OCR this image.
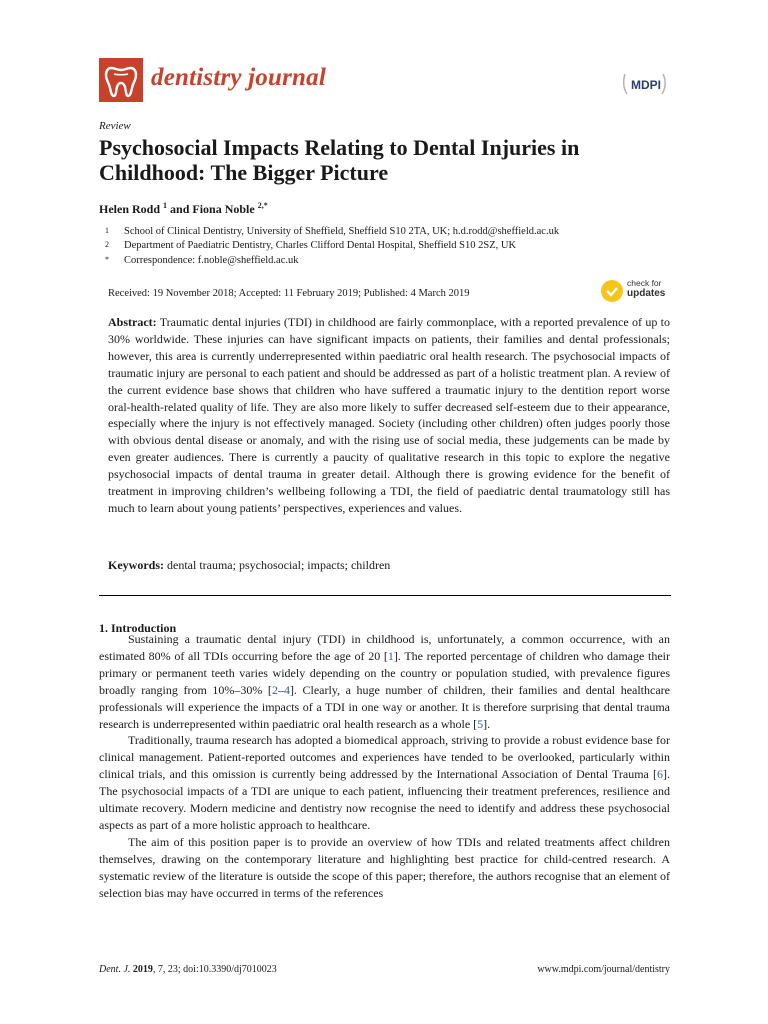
dentistry journal	MDPI
Review
Psychosocial Impacts Relating to Dental Injuries in Childhood: The Bigger Picture
Helen Rodd $^1$ and Fiona Noble $^{2,*}$
1 School of Clinical Dentistry, University of Sheffield, Sheffield S10 2TA, UK; h.d.rodd@sheffield.ac.uk
2 Department of Paediatric Dentistry, Charles Clifford Dental Hospital, Sheffield S10 2SZ, UK
* Correspondence: f.noble@sheffield.ac.uk
Received: 19 November 2018; Accepted: 11 February 2019; Published: 4 March 2019
check for
updates

Abstract: Traumatic dental injuries (TDI) in childhood are fairly commonplace, with a reported prevalence of up to 30% worldwide. These injuries can have significant impacts on patients, their families and dental professionals; however, this area is currently underrepresented within paediatric oral health research. The psychosocial impacts of traumatic injury are personal to each patient and should be addressed as part of a holistic treatment plan. A review of the current evidence base shows that children who have suffered a traumatic injury to the dentition report worse oral-health-related quality of life. They are also more likely to suffer decreased self-esteem due to their appearance, especially where the injury is not effectively managed. Society (including other children) often judges poorly those with obvious dental disease or anomaly, and with the rising use of social media, these judgements can be made by even greater audiences. There is currently a paucity of qualitative research in this topic to explore the negative psychosocial impacts of dental trauma in greater detail. Although there is growing evidence for the benefit of treatment in improving children’s wellbeing following a TDI, the field of paediatric dental traumatology still has much to learn about young patients’ perspectives, experiences and values.

Keywords: dental trauma; psychosocial; impacts; children
1. Introduction

Sustaining a traumatic dental injury (TDI) in childhood is, unfortunately, a common occurrence, with an estimated 80% of all TDIs occurring before the age of 20 [1]. The reported percentage of children who damage their primary or permanent teeth varies widely depending on the country or population studied, with prevalence figures broadly ranging from 10%–30% [2–4]. Clearly, a huge number of children, their families and dental healthcare professionals will experience the impacts of a TDI in one way or another. It is therefore surprising that dental trauma research is underrepresented within paediatric oral health research as a whole [5].

Traditionally, trauma research has adopted a biomedical approach, striving to provide a robust evidence base for clinical management. Patient-reported outcomes and experiences have tended to be overlooked, particularly within clinical trials, and this omission is currently being addressed by the International Association of Dental Trauma [6]. The psychosocial impacts of a TDI are unique to each patient, influencing their treatment preferences, resilience and ultimate recovery. Modern medicine and dentistry now recognise the need to identify and address these psychosocial aspects as part of a more holistic approach to healthcare.

The aim of this position paper is to provide an overview of how TDIs and related treatments affect children themselves, drawing on the contemporary literature and highlighting best practice for child-centred research. A systematic review of the literature is outside the scope of this paper; therefore, the authors recognise that an element of selection bias may have occurred in terms of the references

Dent. J. 2019, 7, 23; doi:10.3390/dj7010023	www.mdpi.com/journal/dentistry
